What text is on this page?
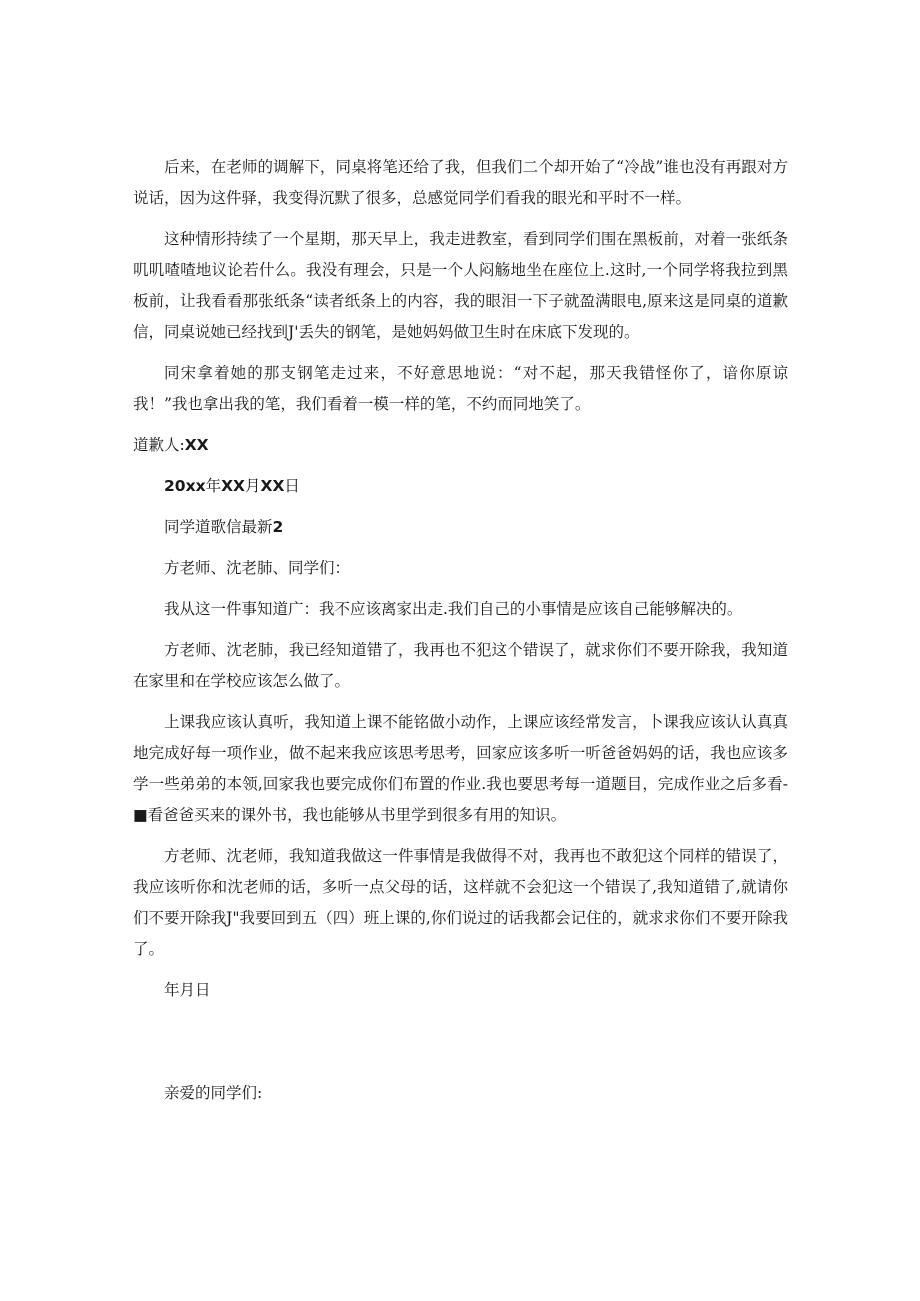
后来，在老师的调解下，同桌将笔还给了我，但我们二个却开始了“冷战”谁也没有再跟对方说话，因为这件驿，我变得沉默了很多，总感觉同学们看我的眼光和平时不一样。

这种情形持续了一个星期，那天早上，我走进教室，看到同学们围在黑板前，对着一张纸条叽叽喳喳地议论若什么。我没有理会，只是一个人闷觞地坐在座位上.这时,一个同学将我拉到黑板前，让我看看那张纸条“读者纸条上的内容，我的眼泪一下子就盈满眼电,原来这是同桌的道歉信，同桌说她已经找到J'丢失的钢笔，是她妈妈做卫生时在床底下发现的。

同宋拿着她的那支钢笔走过来，不好意思地说：“对不起，那天我错怪你了，谙你原谅我！”我也拿出我的笔，我们看着一模一样的笔，不约而同地笑了。

道歉人:XX

20xx年XX月XX日

同学道歌信最新2

方老师、沈老肺、同学们：

我从这一件事知道广：我不应该离家出走.我们自己的小事情是应该自己能够解决的。

方老师、沈老肺，我已经知道错了，我再也不犯这个错误了，就求你们不要开除我，我知道在家里和在学校应该怎么做了。

上课我应该认真听，我知道上课不能铭做小动作，上课应该经常发言，卜课我应该认认真真地完成好每一项作业，做不起来我应该思考思考，回家应该多听一听爸爸妈妈的话，我也应该多学一些弟弟的本领,回家我也要完成你们布置的作业.我也要思考每一道题目，完成作业之后多看-■看爸爸买来的课外书，我也能够从书里学到很多有用的知识。

方老师、沈老师，我知道我做这一件事情是我做得不对，我再也不敢犯这个同样的错误了，我应该听你和沈老师的话，多听一点父母的话，这样就不会犯这一个错误了,我知道错了,就请你们不要开除我J"我要回到五（四）班上课的,你们说过的话我都会记住的，就求求你们不要开除我了。

年月日

亲爱的同学们:
